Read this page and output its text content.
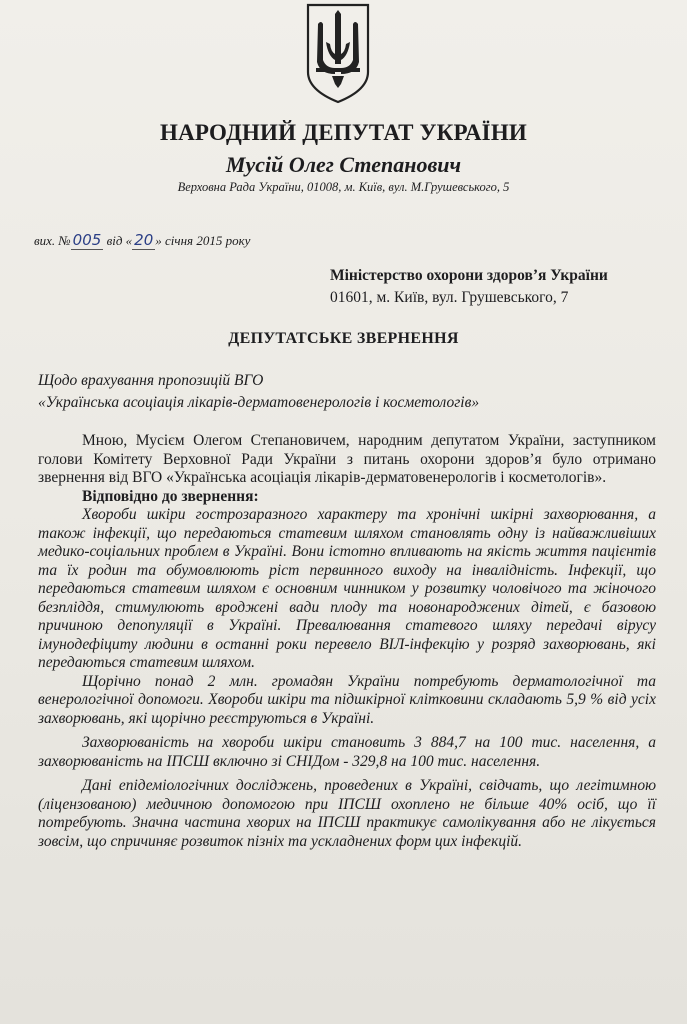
НАРОДНИЙ ДЕПУТАТ УКРАЇНИ
Мусій Олег Степанович
Верховна Рада України, 01008, м. Київ, вул. М.Грушевського, 5
вих. № 005 від « 20 » січня 2015 року
Міністерство охорони здоров’я України
01601, м. Київ, вул. Грушевського, 7
ДЕПУТАТСЬКЕ ЗВЕРНЕННЯ
Щодо врахування пропозицій ВГО
«Українська асоціація лікарів-дерматовенерологів і косметологів»

Мною, Мусієм Олегом Степановичем, народним депутатом України, заступником голови Комітету Верховної Ради України з питань охорони здоров’я було отримано звернення від ВГО «Українська асоціація лікарів-дерматовенерологів і косметологів».

Відповідно до звернення:

Хвороби шкіри гострозаразного характеру та хронічні шкірні захворювання, а також інфекції, що передаються статевим шляхом становлять одну із найважливіших медико-соціальних проблем в Україні. Вони істотно впливають на якість життя пацієнтів та їх родин та обумовлюють ріст первинного виходу на інвалідність. Інфекції, що передаються статевим шляхом є основним чинником у розвитку чоловічого та жіночого безпліддя, стимулюють вроджені вади плоду та новонароджених дітей, є базовою причиною депопуляції в Україні. Превалювання статевого шляху передачі вірусу імунодефіциту людини в останні роки перевело ВІЛ-інфекцію у розряд захворювань, які передаються статевим шляхом.

Щорічно понад 2 млн. громадян України потребують дерматологічної та венерологічної допомоги. Хвороби шкіри та підшкірної клітковини складають 5,9 % від усіх захворювань, які щорічно реєструються в Україні.

Захворюваність на хвороби шкіри становить 3 884,7 на 100 тис. населення, а захворюваність на ІПСШ включно зі СНІДом - 329,8 на 100 тис. населення.

Дані епідеміологічних досліджень, проведених в Україні, свідчать, що легітимною (ліцензованою) медичною допомогою при ІПСШ охоплено не більше 40% осіб, що її потребують. Значна частина хворих на ІПСШ практикує самолікування або не лікується зовсім, що спричиняє розвиток пізніх та ускладнених форм цих інфекцій.
